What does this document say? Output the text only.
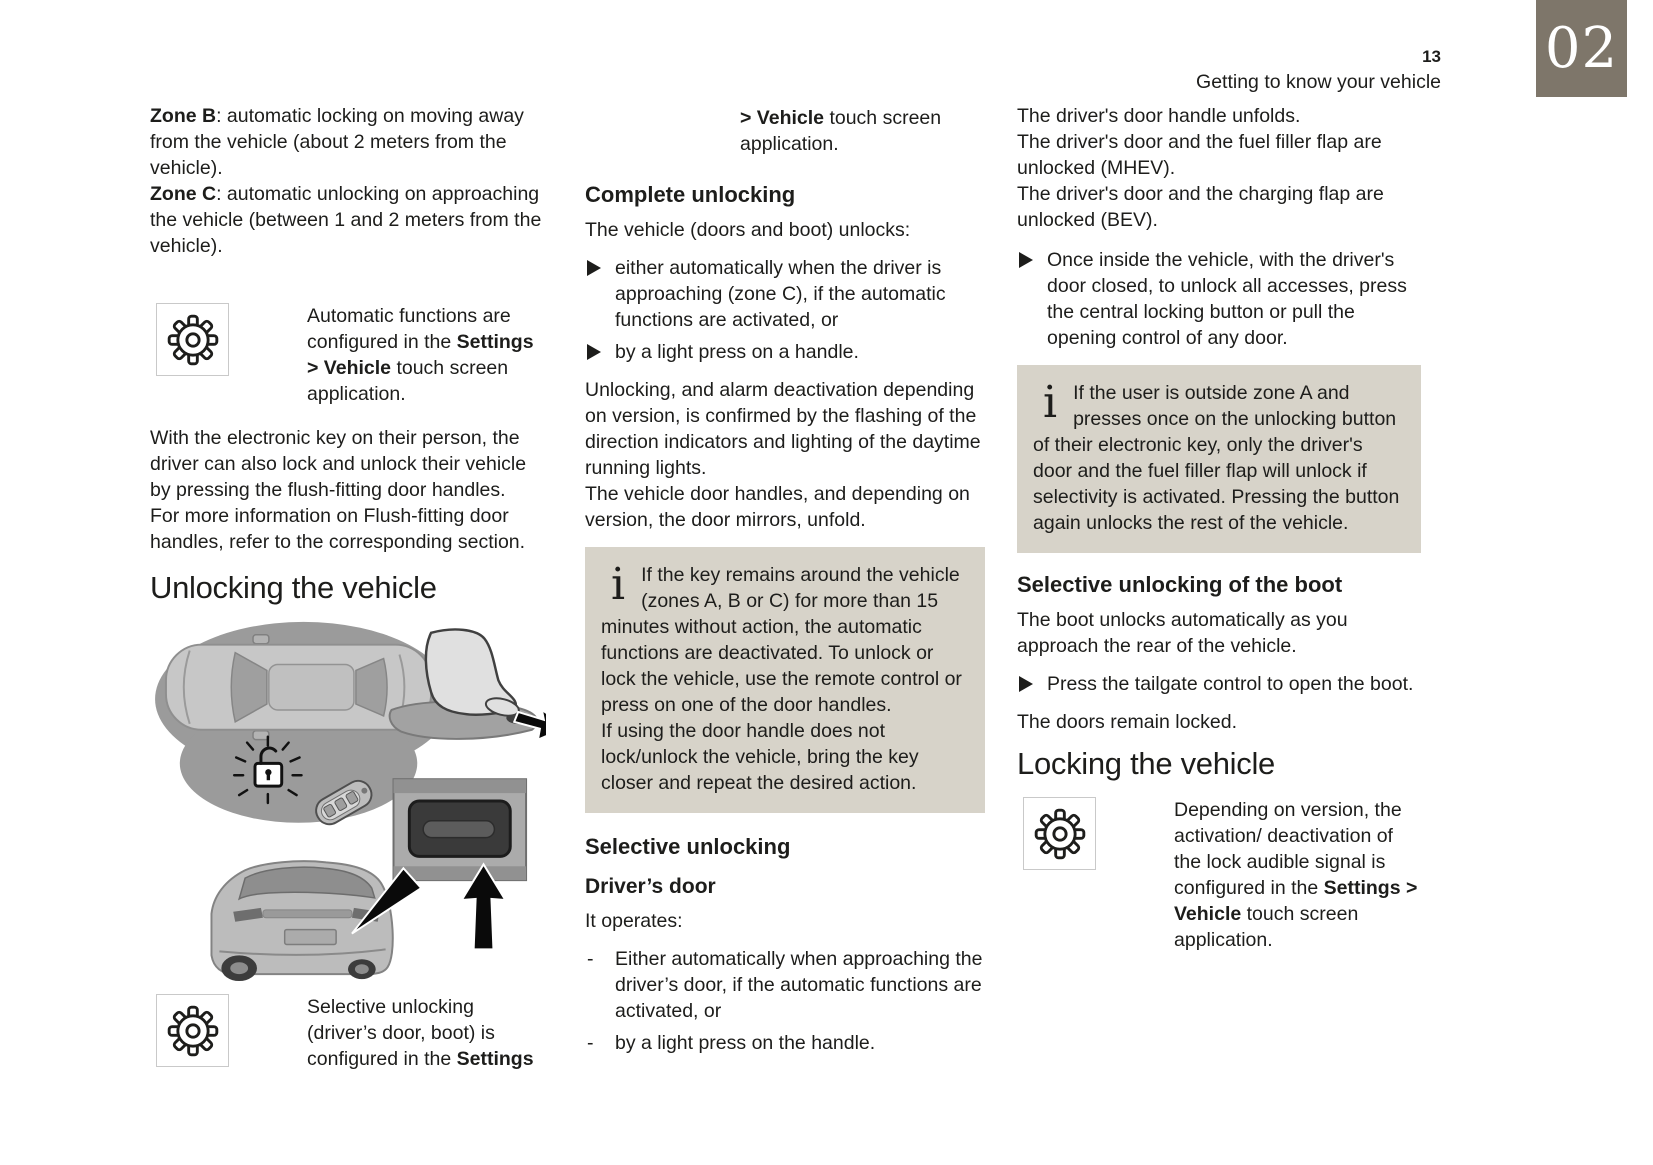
13
Getting to know your vehicle
02

Zone B: automatic locking on moving away from the vehicle (about 2 meters from the vehicle).
Zone C: automatic unlocking on approaching the vehicle (between 1 and 2 meters from the vehicle).

Automatic functions are configured in the Settings > Vehicle touch screen application.

With the electronic key on their person, the driver can also lock and unlock their vehicle by pressing the flush-fitting door handles.
For more information on Flush-fitting door handles, refer to the corresponding section.

Unlocking the vehicle

Selective unlocking (driver’s door, boot) is configured in the Settings

> Vehicle touch screen application.

Complete unlocking

The vehicle (doors and boot) unlocks:

either automatically when the driver is approaching (zone C), if the automatic functions are activated, or
by a light press on a handle.

Unlocking, and alarm deactivation depending on version, is confirmed by the flashing of the direction indicators and lighting of the daytime running lights.
The vehicle door handles, and depending on version, the door mirrors, unfold.

i

If the key remains around the vehicle (zones A, B or C) for more than 15 minutes without action, the automatic functions are deactivated. To unlock or lock the vehicle, use the remote control or press on one of the door handles.
If using the door handle does not lock/unlock the vehicle, bring the key closer and repeat the desired action.

Selective unlocking
Driver’s door

It operates:

-
Either automatically when approaching the driver’s door, if the automatic functions are activated, or
-
by a light press on the handle.

The driver's door handle unfolds.
The driver's door and the fuel filler flap are unlocked (MHEV).
The driver's door and the charging flap are unlocked (BEV).

Once inside the vehicle, with the driver's door closed, to unlock all accesses, press the central locking button or pull the opening control of any door.
i

If the user is outside zone A and presses once on the unlocking button of their electronic key, only the driver's door and the fuel filler flap will unlock if selectivity is activated. Pressing the button again unlocks the rest of the vehicle.

Selective unlocking of the boot

The boot unlocks automatically as you approach the rear of the vehicle.

Press the tailgate control to open the boot.

The doors remain locked.

Locking the vehicle

Depending on version, the activation/ deactivation of the lock audible signal is configured in the Settings > Vehicle touch screen application.
